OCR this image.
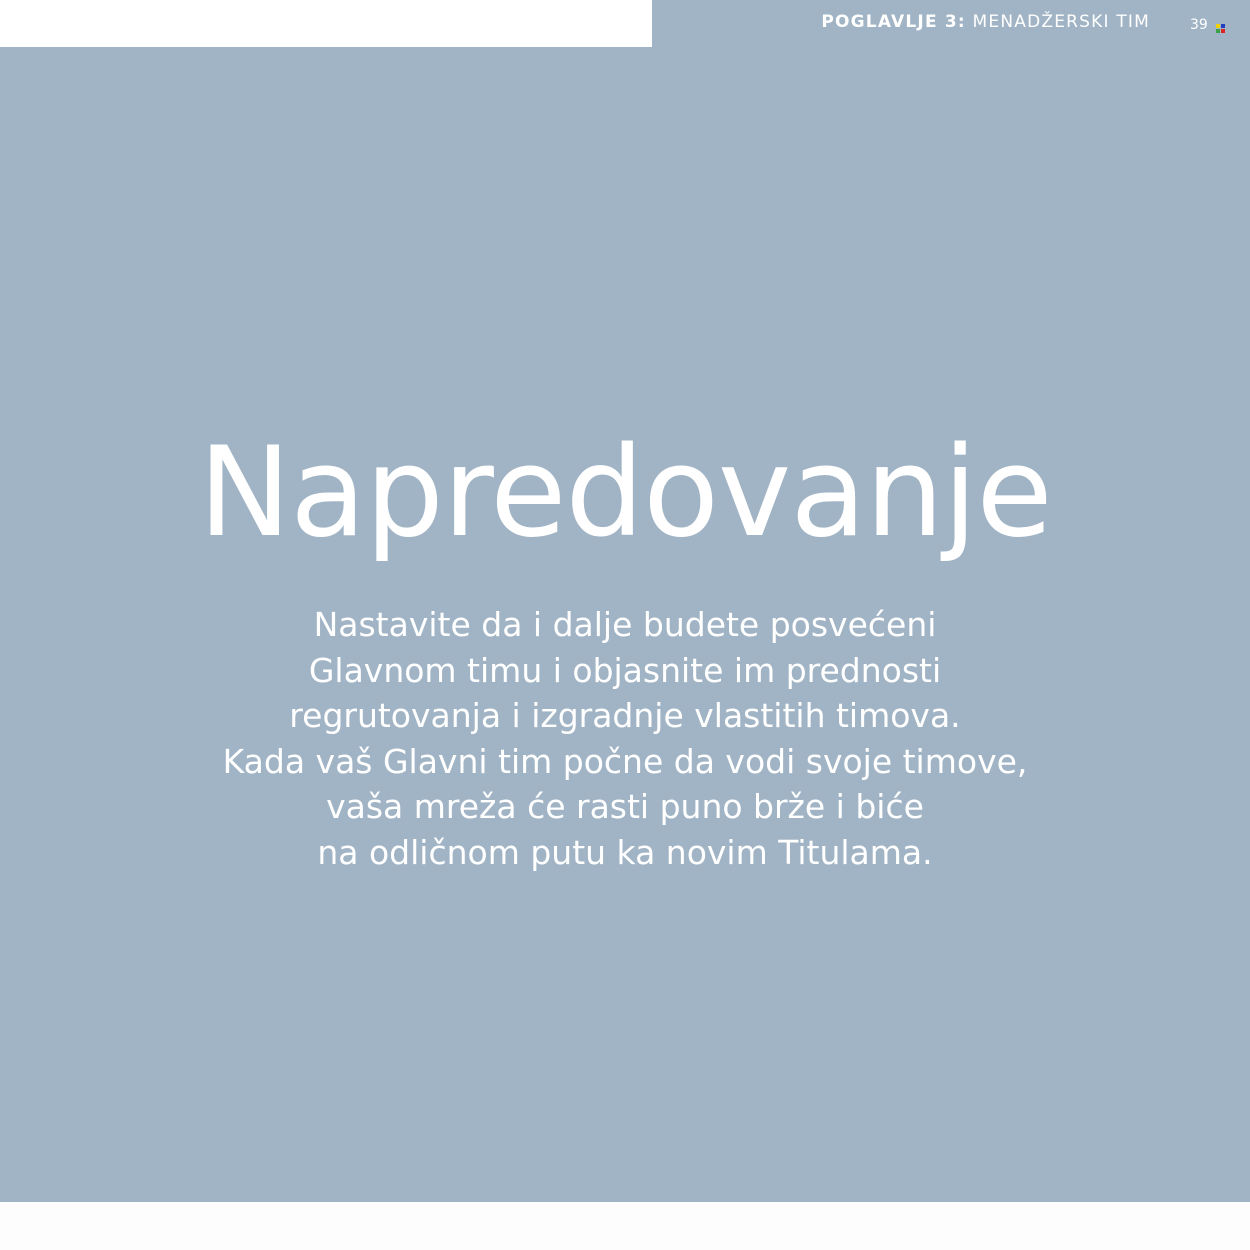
POGLAVLJE 3: MENADŽERSKI TIM	39
Napredovanje
Nastavite da i dalje budete posvećeni
Glavnom timu i objasnite im prednosti
regrutovanja i izgradnje vlastitih timova.
Kada vaš Glavni tim počne da vodi svoje timove,
vaša mreža će rasti puno brže i biće
na odličnom putu ka novim Titulama.
